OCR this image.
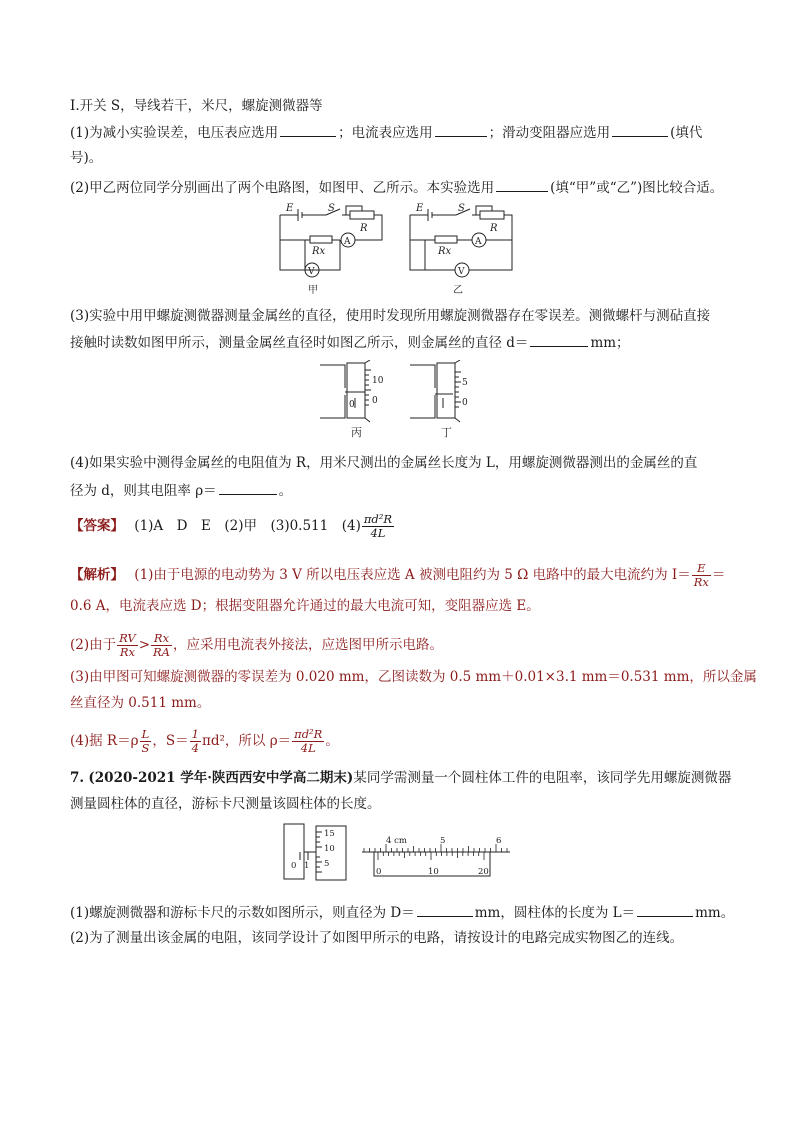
Ⅰ.开关 S，导线若干，米尺，螺旋测微器等
(1)为减小实验误差，电压表应选用	；电流表应选用	；滑动变阻器应选用	(填代
号)。
(2)甲乙两位同学分别画出了两个电路图，如图甲、乙所示。本实验选用	(填“甲”或“乙”)图比较合适。
E	S
R
Rx
A
V
E	S
R
Rx
A
V
甲	乙
(3)实验中用甲螺旋测微器测量金属丝的直径，使用时发现所用螺旋测微器存在零误差。测微螺杆与测砧直接
接触时读数如图甲所示，测量金属丝直径时如图乙所示，则金属丝的直径 d＝	mm；
10
0
0
5
0
丙	丁
(4)如果实验中测得金属丝的电阻值为 R，用米尺测出的金属丝长度为 L，用螺旋测微器测出的金属丝的直
径为 d，则其电阻率 ρ＝	。
【答案】 (1)A　D　E　(2)甲　(3)0.511　$(4) \frac{\text{πd²R}}{4L}$
【解析】 (1)由于电源的电动势为 3 V 所以电压表应选 A 被测电阻约为 5 Ω 电路中的最大电流约为 $I= \frac{E}{Rx}$ ＝
0.6 A，电流表应选 D；根据变阻器允许通过的最大电流可知，变阻器应选 E。
(2)由于 $\frac{RV}{Rx} > \frac{Rx}{RA}$ ，应采用电流表外接法，应选图甲所示电路。
(3)由甲图可知螺旋测微器的零误差为 0.020 mm，乙图读数为 0.5 mm＋0.01×3.1 mm＝0.531 mm，所以金属
丝直径为 0.511 mm。
(4)据 $R=\rho \frac{L}{S}$ ，$S= \frac{1}{4} \pi d^2$，所以 $\rho= \frac{\text{πd²R}}{4L}$ 。
7. (2020-2021 学年·陕西西安中学高二期末)某同学需测量一个圆柱体工件的电阻率，该同学先用螺旋测微器
测量圆柱体的直径，游标卡尺测量该圆柱体的长度。
15
10
5
0 1
4 cm	5	6
0	10	20
(1)螺旋测微器和游标卡尺的示数如图所示，则直径为 D＝	mm，圆柱体的长度为 L＝	mm。
(2)为了测量出该金属的电阻，该同学设计了如图甲所示的电路，请按设计的电路完成实物图乙的连线。
